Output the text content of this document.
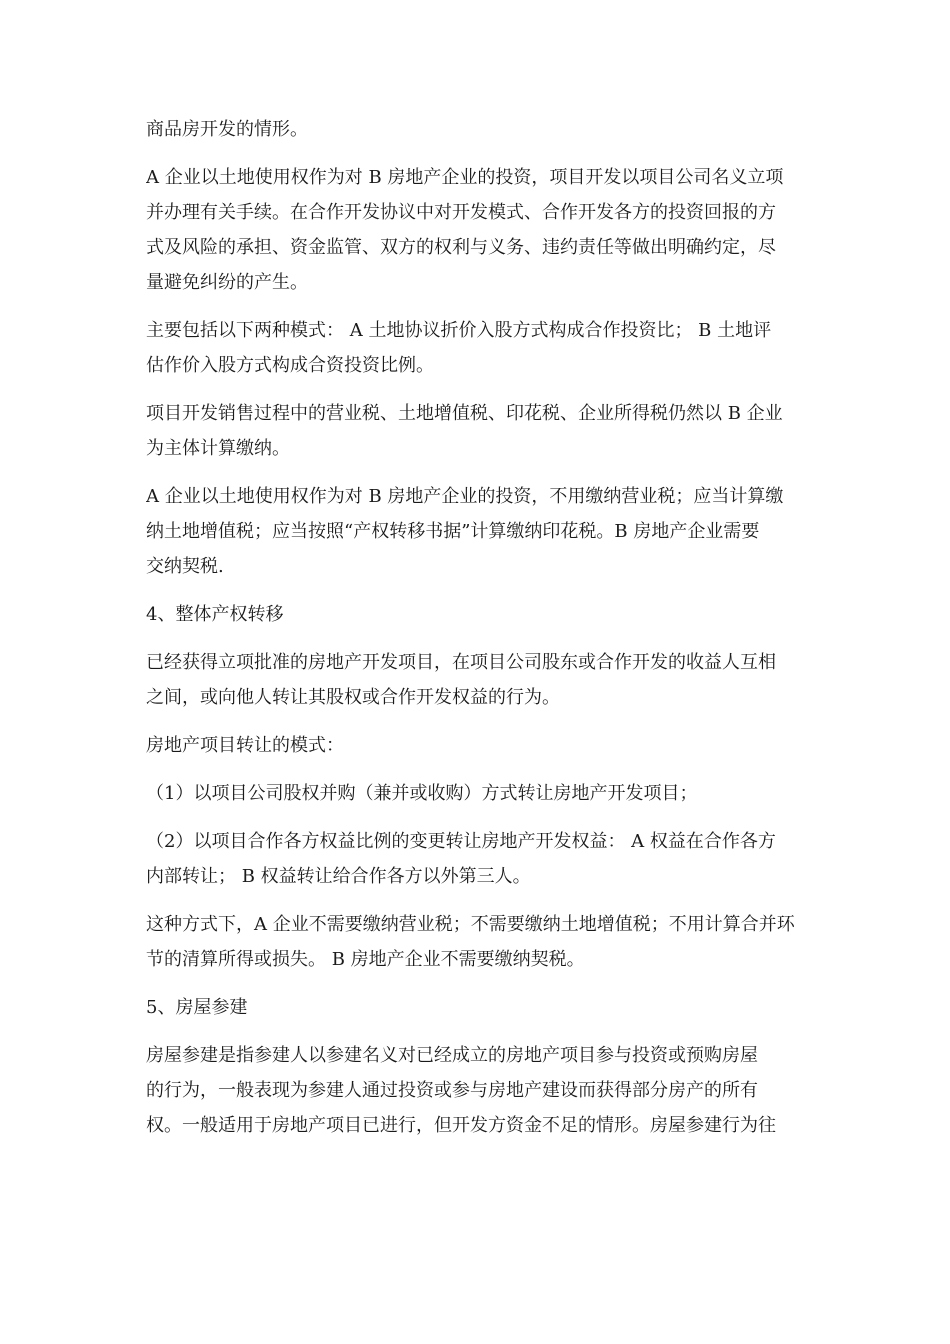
商品房开发的情形。

A 企业以土地使用权作为对 B 房地产企业的投资，项目开发以项目公司名义立项
并办理有关手续。在合作开发协议中对开发模式、合作开发各方的投资回报的方
式及风险的承担、资金监管、双方的权利与义务、违约责任等做出明确约定，尽
量避免纠纷的产生。

主要包括以下两种模式： A 土地协议折价入股方式构成合作投资比； B 土地评
估作价入股方式构成合资投资比例。

项目开发销售过程中的营业税、土地增值税、印花税、企业所得税仍然以 B 企业
为主体计算缴纳。

A 企业以土地使用权作为对 B 房地产企业的投资，不用缴纳营业税；应当计算缴
纳土地增值税；应当按照“产权转移书据”计算缴纳印花税。B 房地产企业需要
交纳契税.

4、整体产权转移

已经获得立项批准的房地产开发项目，在项目公司股东或合作开发的收益人互相
之间，或向他人转让其股权或合作开发权益的行为。

房地产项目转让的模式：

（1）以项目公司股权并购（兼并或收购）方式转让房地产开发项目；

（2）以项目合作各方权益比例的变更转让房地产开发权益： A 权益在合作各方
内部转让； B 权益转让给合作各方以外第三人。

这种方式下，A 企业不需要缴纳营业税；不需要缴纳土地增值税；不用计算合并环
节的清算所得或损失。 B 房地产企业不需要缴纳契税。

5、房屋参建

房屋参建是指参建人以参建名义对已经成立的房地产项目参与投资或预购房屋
的行为，一般表现为参建人通过投资或参与房地产建设而获得部分房产的所有
权。一般适用于房地产项目已进行，但开发方资金不足的情形。房屋参建行为往
